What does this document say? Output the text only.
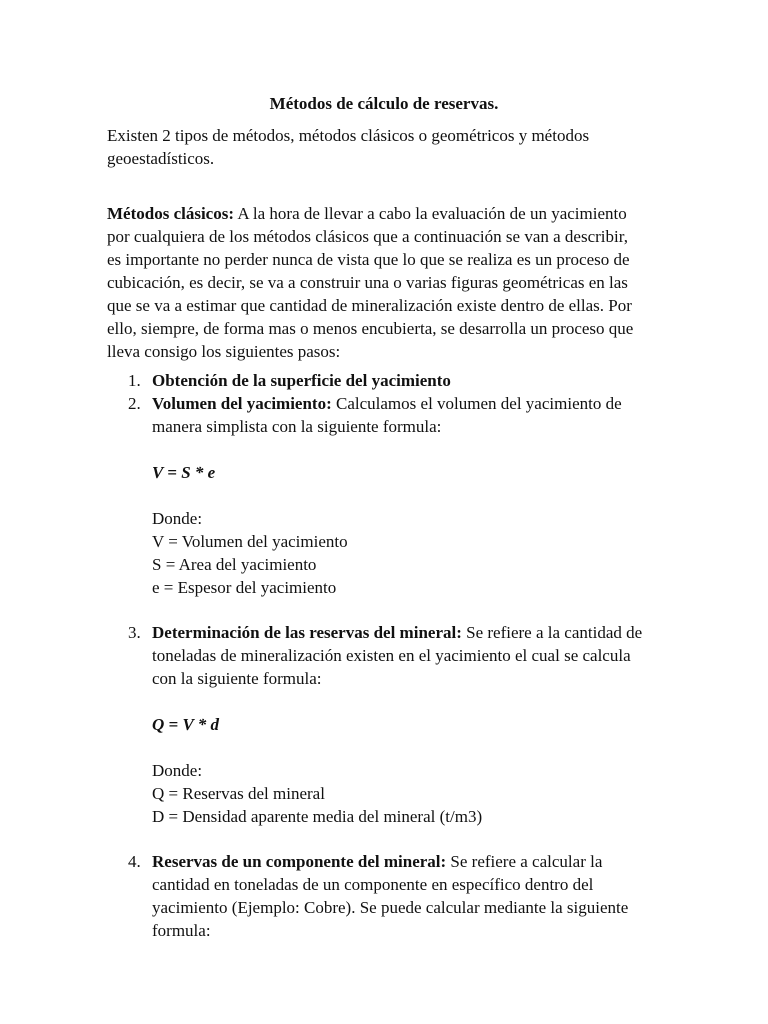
Métodos de cálculo de reservas.

Existen 2 tipos de métodos, métodos clásicos o geométricos y métodos
geoestadísticos.

Métodos clásicos: A la hora de llevar a cabo la evaluación de un yacimiento
por cualquiera de los métodos clásicos que a continuación se van a describir,
es importante no perder nunca de vista que lo que se realiza es un proceso de
cubicación, es decir, se va a construir una o varias figuras geométricas en las
que se va a estimar que cantidad de mineralización existe dentro de ellas. Por
ello, siempre, de forma mas o menos encubierta, se desarrolla un proceso que
lleva consigo los siguientes pasos:

1. Obtención de la superficie del yacimiento
2. Volumen del yacimiento: Calculamos el volumen del yacimiento de
manera simplista con la siguiente formula:
V = S * e
Donde:
V = Volumen del yacimiento
S = Area del yacimiento
e = Espesor del yacimiento
3. Determinación de las reservas del mineral: Se refiere a la cantidad de
toneladas de mineralización existen en el yacimiento el cual se calcula
con la siguiente formula:
Q = V * d
Donde:
Q = Reservas del mineral
D = Densidad aparente media del mineral (t/m3)
4. Reservas de un componente del mineral: Se refiere a calcular la
cantidad en toneladas de un componente en específico dentro del
yacimiento (Ejemplo: Cobre). Se puede calcular mediante la siguiente
formula:
